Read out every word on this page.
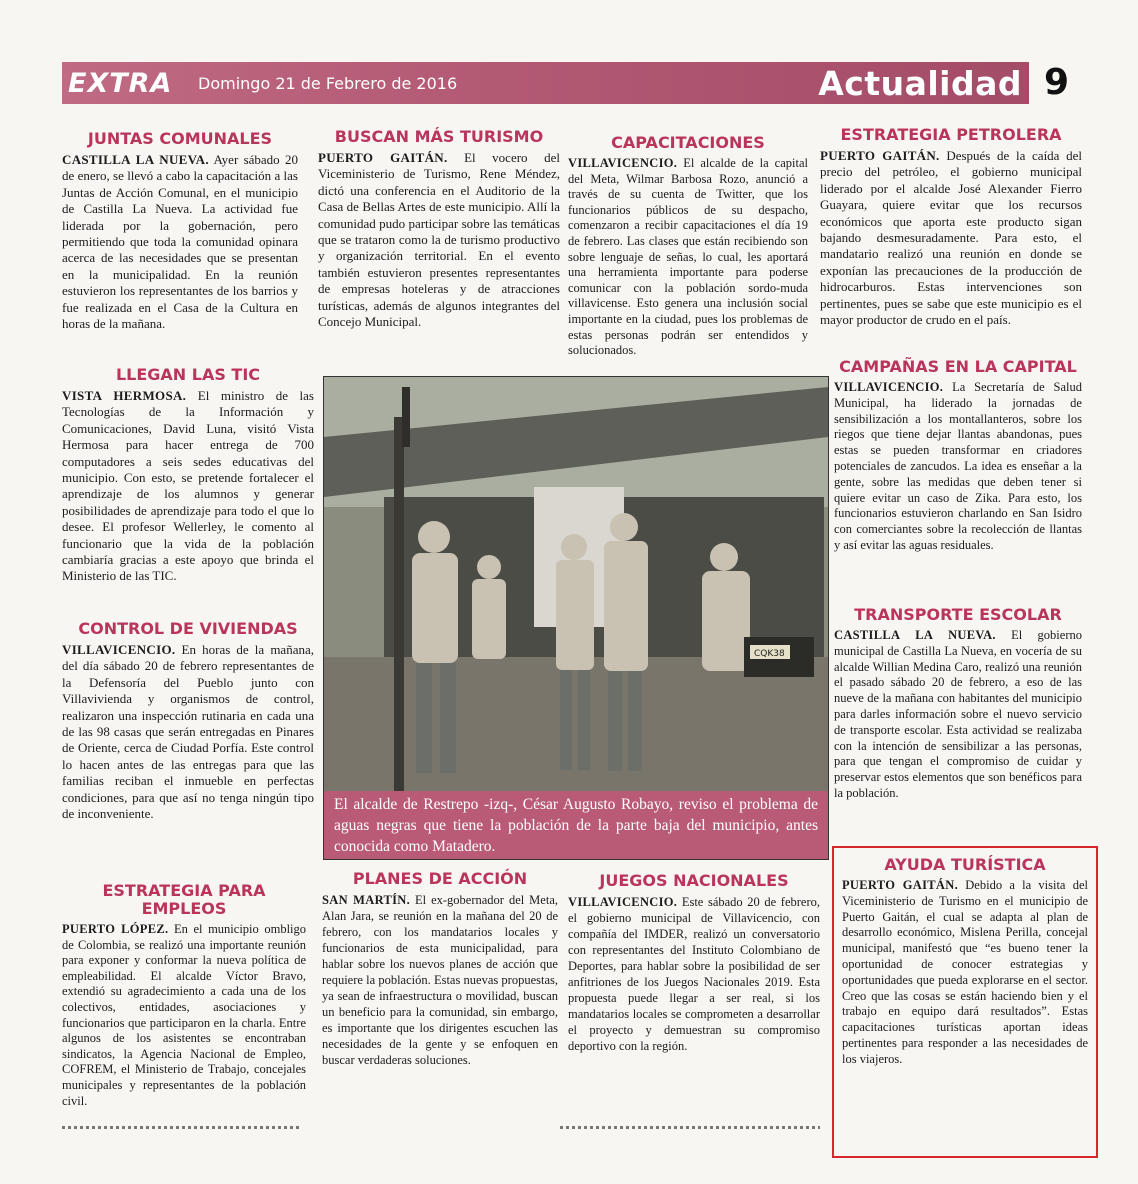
EXTRA Domingo 21 de Febrero de 2016	Actualidad 9
JUNTAS COMUNALES

CASTILLA LA NUEVA. Ayer sábado 20 de enero, se llevó a cabo la capacitación a las Juntas de Acción Comunal, en el municipio de Castilla La Nueva. La actividad fue liderada por la gobernación, pero permitiendo que toda la comunidad opinara acerca de las necesidades que se presentan en la municipalidad. En la reunión estuvieron los representantes de los barrios y fue realizada en el Casa de la Cultura en horas de la mañana.

LLEGAN LAS TIC

VISTA HERMOSA. El ministro de las Tecnologías de la Información y Comunicaciones, David Luna, visitó Vista Hermosa para hacer entrega de 700 computadores a seis sedes educativas del municipio. Con esto, se pretende fortalecer el aprendizaje de los alumnos y generar posibilidades de aprendizaje para todo el que lo desee. El profesor Wellerley, le comento al funcionario que la vida de la población cambiaría gracias a este apoyo que brinda el Ministerio de las TIC.

CONTROL DE VIVIENDAS

VILLAVICENCIO. En horas de la mañana, del día sábado 20 de febrero representantes de la Defensoría del Pueblo junto con Villavivienda y organismos de control, realizaron una inspección rutinaria en cada una de las 98 casas que serán entregadas en Pinares de Oriente, cerca de Ciudad Porfía. Este control lo hacen antes de las entregas para que las familias reciban el inmueble en perfectas condiciones, para que así no tenga ningún tipo de inconveniente.

ESTRATEGIA PARA EMPLEOS

PUERTO LÓPEZ. En el municipio ombligo de Colombia, se realizó una importante reunión para exponer y conformar la nueva política de empleabilidad. El alcalde Víctor Bravo, extendió su agradecimiento a cada una de los colectivos, entidades, asociaciones y funcionarios que participaron en la charla. Entre algunos de los asistentes se encontraban sindicatos, la Agencia Nacional de Empleo, COFREM, el Ministerio de Trabajo, concejales municipales y representantes de la población civil.

BUSCAN MÁS TURISMO

PUERTO GAITÁN. El vocero del Viceministerio de Turismo, Rene Méndez, dictó una conferencia en el Auditorio de la Casa de Bellas Artes de este municipio. Allí la comunidad pudo participar sobre las temáticas que se trataron como la de turismo productivo y organización territorial. En el evento también estuvieron presentes representantes de empresas hoteleras y de atracciones turísticas, además de algunos integrantes del Concejo Municipal.

CAPACITACIONES

VILLAVICENCIO. El alcalde de la capital del Meta, Wilmar Barbosa Rozo, anunció a través de su cuenta de Twitter, que los funcionarios públicos de su despacho, comenzaron a recibir capacitaciones el día 19 de febrero. Las clases que están recibiendo son sobre lenguaje de señas, lo cual, les aportará una herramienta importante para poderse comunicar con la población sordo-muda villavicense. Esto genera una inclusión social importante en la ciudad, pues los problemas de estas personas podrán ser entendidos y solucionados.

ESTRATEGIA PETROLERA

PUERTO GAITÁN. Después de la caída del precio del petróleo, el gobierno municipal liderado por el alcalde José Alexander Fierro Guayara, quiere evitar que los recursos económicos que aporta este producto sigan bajando desmesuradamente. Para esto, el mandatario realizó una reunión en donde se exponían las precauciones de la producción de hidrocarburos. Estas intervenciones son pertinentes, pues se sabe que este municipio es el mayor productor de crudo en el país.

CAMPAÑAS EN LA CAPITAL

VILLAVICENCIO. La Secretaría de Salud Municipal, ha liderado la jornadas de sensibilización a los montallanteros, sobre los riegos que tiene dejar llantas abandonas, pues estas se pueden transformar en criadores potenciales de zancudos. La idea es enseñar a la gente, sobre las medidas que deben tener si quiere evitar un caso de Zika. Para esto, los funcionarios estuvieron charlando en San Isidro con comerciantes sobre la recolección de llantas y así evitar las aguas residuales.

TRANSPORTE ESCOLAR

CASTILLA LA NUEVA. El gobierno municipal de Castilla La Nueva, en vocería de su alcalde Willian Medina Caro, realizó una reunión el pasado sábado 20 de febrero, a eso de las nueve de la mañana con habitantes del municipio para darles información sobre el nuevo servicio de transporte escolar. Esta actividad se realizaba con la intención de sensibilizar a las personas, para que tengan el compromiso de cuidar y preservar estos elementos que son benéficos para la población.

CQK38
El alcalde de Restrepo -izq-, César Augusto Robayo, reviso el problema de aguas negras que tiene la población de la parte baja del municipio, antes conocida como Matadero.
PLANES DE ACCIÓN

SAN MARTÍN. El ex-gobernador del Meta, Alan Jara, se reunión en la mañana del 20 de febrero, con los mandatarios locales y funcionarios de esta municipalidad, para hablar sobre los nuevos planes de acción que requiere la población. Estas nuevas propuestas, ya sean de infraestructura o movilidad, buscan un beneficio para la comunidad, sin embargo, es importante que los dirigentes escuchen las necesidades de la gente y se enfoquen en buscar verdaderas soluciones.

JUEGOS NACIONALES

VILLAVICENCIO. Este sábado 20 de febrero, el gobierno municipal de Villavicencio, con compañía del IMDER, realizó un conversatorio con representantes del Instituto Colombiano de Deportes, para hablar sobre la posibilidad de ser anfitriones de los Juegos Nacionales 2019. Esta propuesta puede llegar a ser real, si los mandatarios locales se comprometen a desarrollar el proyecto y demuestran su compromiso deportivo con la región.

AYUDA TURÍSTICA

PUERTO GAITÁN. Debido a la visita del Viceministerio de Turismo en el municipio de Puerto Gaitán, el cual se adapta al plan de desarrollo económico, Mislena Perilla, concejal municipal, manifestó que “es bueno tener la oportunidad de conocer estrategias y oportunidades que pueda explorarse en el sector. Creo que las cosas se están haciendo bien y el trabajo en equipo dará resultados”. Estas capacitaciones turísticas aportan ideas pertinentes para responder a las necesidades de los viajeros.
